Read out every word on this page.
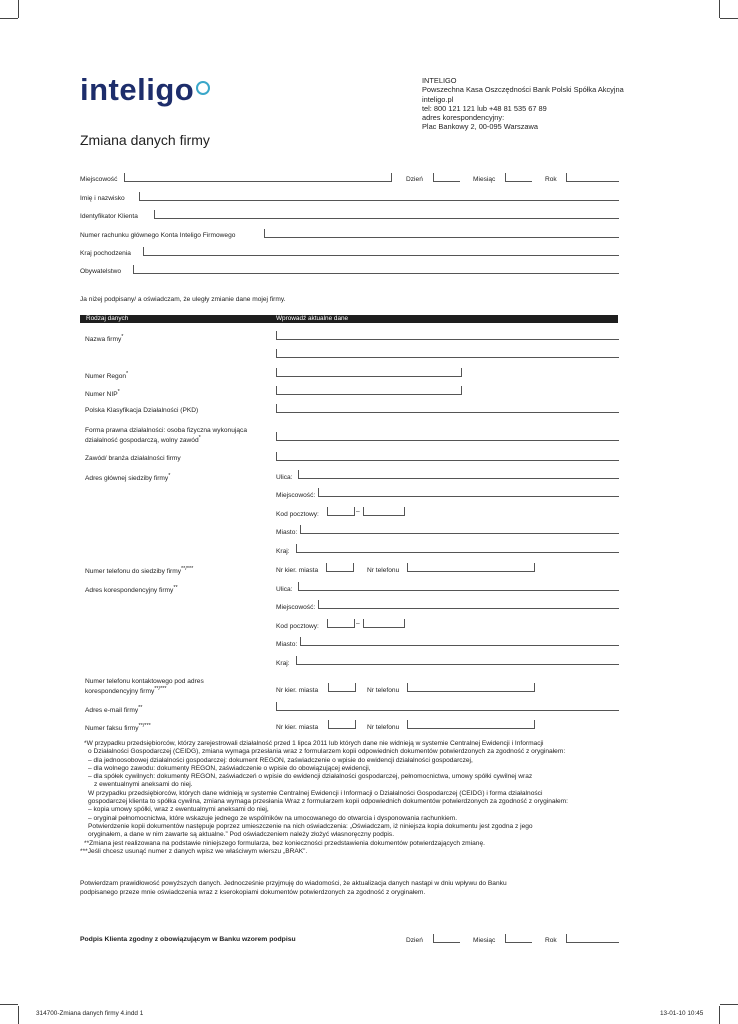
inteligo	INTELIGO
Powszechna Kasa Oszczędności Bank Polski Spółka Akcyjna
inteligo.pl
tel: 800 121 121 lub +48 81 535 67 89
adres korespondencyjny:
Plac Bankowy 2, 00-095 Warszawa
Zmiana danych firmy
Miejscowość	Dzień	Miesiąc	Rok
Imię i nazwisko
Identyfikator Klienta
Numer rachunku głównego Konta Inteligo Firmowego
Kraj pochodzenia
Obywatelstwo
Ja niżej podpisany/ a oświadczam, że uległy zmianie dane mojej firmy.
Rodzaj danych	Wprowadź aktualne dane
Nazwa firmy*
Numer Regon*
Numer NIP*
Polska Klasyfikacja Działalności (PKD)
Forma prawna działalności: osoba fizyczna wykonująca
działalność gospodarczą, wolny zawód*
Zawód/ branża działalności firmy
Adres głównej siedziby firmy*	Ulica:
Miejscowość:
Kod pocztowy:	–
Miasto:
Kraj:
Numer telefonu do siedziby firmy**/***	Nr kier. miasta	Nr telefonu
Adres korespondencyjny firmy**	Ulica:
Miejscowość:
Kod pocztowy:	–
Miasto:
Kraj:
Numer telefonu kontaktowego pod adres
korespondencyjny firmy**/***	Nr kier. miasta	Nr telefonu
Adres e-mail firmy**
Numer faksu firmy**/***	Nr kier. miasta	Nr telefonu

*W przypadku przedsiębiorców, którzy zarejestrowali działalność przed 1 lipca 2011 lub których dane nie widnieją w systemie Centralnej Ewidencji i Informacji

o Działalności Gospodarczej (CEIDG), zmiana wymaga przesłania wraz z formularzem kopii odpowiednich dokumentów potwierdzonych za zgodność z oryginałem:

– dla jednoosobowej działalności gospodarczej: dokument REGON, zaświadczenie o wpisie do ewidencji działalności gospodarczej,

– dla wolnego zawodu: dokumenty REGON, zaświadczenie o wpisie do obowiązującej ewidencji,

– dla spółek cywilnych: dokumenty REGON, zaświadczeń o wpisie do ewidencji działalności gospodarczej, pełnomocnictwa, umowy spółki cywilnej wraz

z ewentualnymi aneksami do niej.

W przypadku przedsiębiorców, których dane widnieją w systemie Centralnej Ewidencji i Informacji o Działalności Gospodarczej (CEIDG) i forma działalności

gospodarczej klienta to spółka cywilna, zmiana wymaga przesłania Wraz z formularzem kopii odpowiednich dokumentów potwierdzonych za zgodność z oryginałem:

– kopia umowy spółki, wraz z ewentualnymi aneksami do niej,

– oryginał pełnomocnictwa, które wskazuje jednego ze wspólników na umocowanego do otwarcia i dysponowania rachunkiem.

Potwierdzenie kopii dokumentów następuje poprzez umieszczenie na nich oświadczenia: „Oświadczam, iż niniejsza kopia dokumentu jest zgodna z jego

oryginałem, a dane w nim zawarte są aktualne.” Pod oświadczeniem należy złożyć własnoręczny podpis.

**Zmiana jest realizowana na podstawie niniejszego formularza, bez konieczności przedstawienia dokumentów potwierdzających zmianę.

***Jeśli chcesz usunąć numer z danych wpisz we właściwym wierszu „BRAK”.

Potwierdzam prawidłowość powyższych danych. Jednocześnie przyjmuję do wiadomości, że aktualizacja danych nastąpi w dniu wpływu do Banku
podpisanego przeze mnie oświadczenia wraz z kserokopiami dokumentów potwierdzonych za zgodność z oryginałem.
Podpis Klienta zgodny z obowiązującym w Banku wzorem podpisu	Dzień	Miesiąc	Rok
314700-Zmiana danych firmy 4.indd 1	13-01-10 10:45
